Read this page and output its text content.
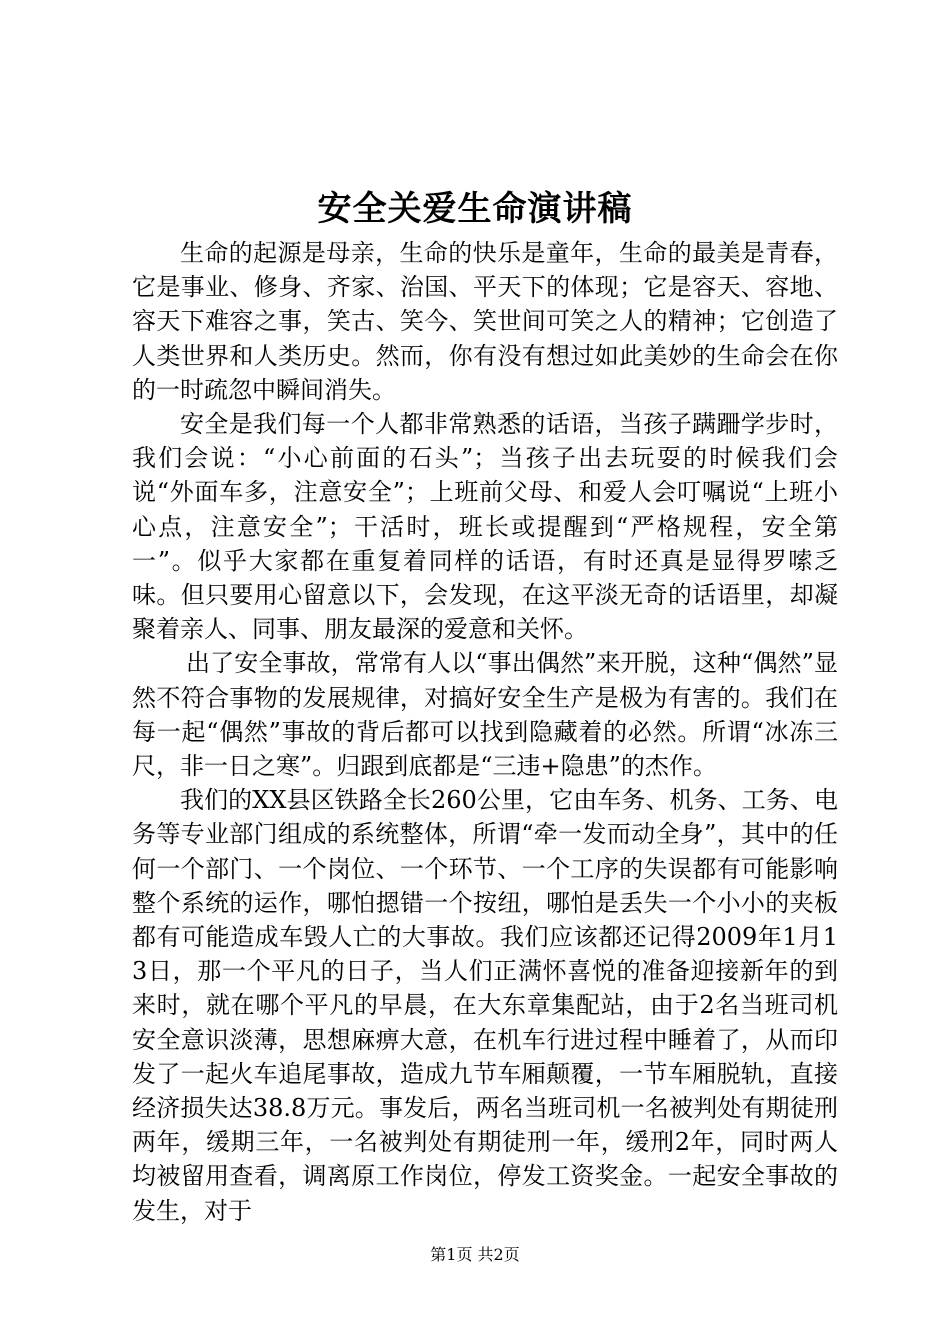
安全关爱生命演讲稿

生命的起源是母亲，生命的快乐是童年，生命的最美是青春，它是事业、修身、齐家、治国、平天下的体现；它是容天、容地、容天下难容之事，笑古、笑今、笑世间可笑之人的精神；它创造了人类世界和人类历史。然而，你有没有想过如此美妙的生命会在你的一时疏忽中瞬间消失。

安全是我们每一个人都非常熟悉的话语，当孩子蹒跚学步时，我们会说：“小心前面的石头”；当孩子出去玩耍的时候我们会说“外面车多，注意安全”；上班前父母、和爱人会叮嘱说“上班小心点，注意安全”；干活时，班长或提醒到“严格规程，安全第一”。似乎大家都在重复着同样的话语，有时还真是显得罗嗦乏味。但只要用心留意以下，会发现，在这平淡无奇的话语里，却凝聚着亲人、同事、朋友最深的爱意和关怀。

出了安全事故，常常有人以“事出偶然”来开脱，这种“偶然”显然不符合事物的发展规律，对搞好安全生产是极为有害的。我们在每一起“偶然”事故的背后都可以找到隐藏着的必然。所谓“冰冻三尺，非一日之寒”。归跟到底都是“三违+隐患”的杰作。

我们的XX县区铁路全长260公里，它由车务、机务、工务、电务等专业部门组成的系统整体，所谓“牵一发而动全身”，其中的任何一个部门、一个岗位、一个环节、一个工序的失误都有可能影响整个系统的运作，哪怕摁错一个按纽，哪怕是丢失一个小小的夹板都有可能造成车毁人亡的大事故。我们应该都还记得2009年1月13日，那一个平凡的日子，当人们正满怀喜悦的准备迎接新年的到来时，就在哪个平凡的早晨，在大东章集配站，由于2名当班司机安全意识淡薄，思想麻痹大意，在机车行进过程中睡着了，从而印发了一起火车追尾事故，造成九节车厢颠覆，一节车厢脱轨，直接经济损失达38.8万元。事发后，两名当班司机一名被判处有期徒刑两年，缓期三年，一名被判处有期徒刑一年，缓刑2年，同时两人均被留用查看，调离原工作岗位，停发工资奖金。一起安全事故的发生，对于

第1页 共2页
